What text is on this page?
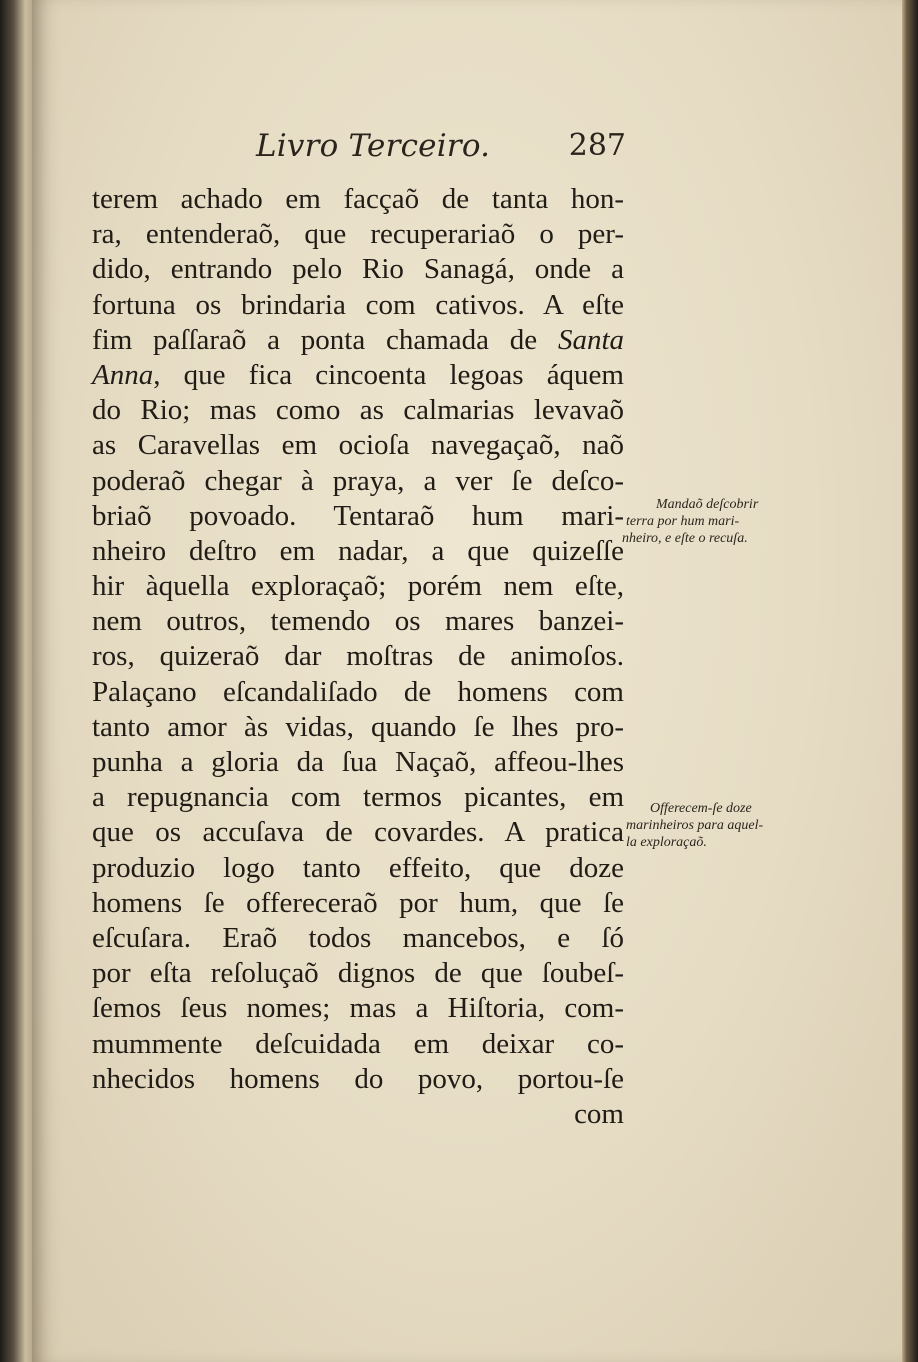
Livro Terceiro.	287
terem achado em facçaõ de tanta hon-
ra, entenderaõ, que recuperariaõ o per-
dido, entrando pelo Rio Sanagá, onde a
fortuna os brindaria com cativos. A eſte
fim paſſaraõ a ponta chamada de Santa
Anna, que fica cincoenta legoas áquem
do Rio; mas como as calmarias levavaõ
as Caravellas em ocioſa navegaçaõ, naõ
poderaõ chegar à praya, a ver ſe deſco-
briaõ povoado. Tentaraõ hum mari-
nheiro deſtro em nadar, a que quizeſſe
hir àquella exploraçaõ; porém nem eſte,
nem outros, temendo os mares banzei-
ros, quizeraõ dar moſtras de animoſos.
Palaçano eſcandaliſado de homens com
tanto amor às vidas, quando ſe lhes pro-
punha a gloria da ſua Naçaõ, affeou-lhes
a repugnancia com termos picantes, em
que os accuſava de covardes. A pratica
produzio logo tanto effeito, que doze
homens ſe offereceraõ por hum, que ſe
eſcuſara. Eraõ todos mancebos, e ſó
por eſta reſoluçaõ dignos de que ſoubeſ-
ſemos ſeus nomes; mas a Hiſtoria, com-
mummente deſcuidada em deixar co-
nhecidos homens do povo, portou-ſe
com
Mandaõ deſcobrir
terra por hum mari-
nheiro, e eſte o recuſa.
Offerecem-ſe doze
marinheiros para aquel-
la exploraçaõ.
